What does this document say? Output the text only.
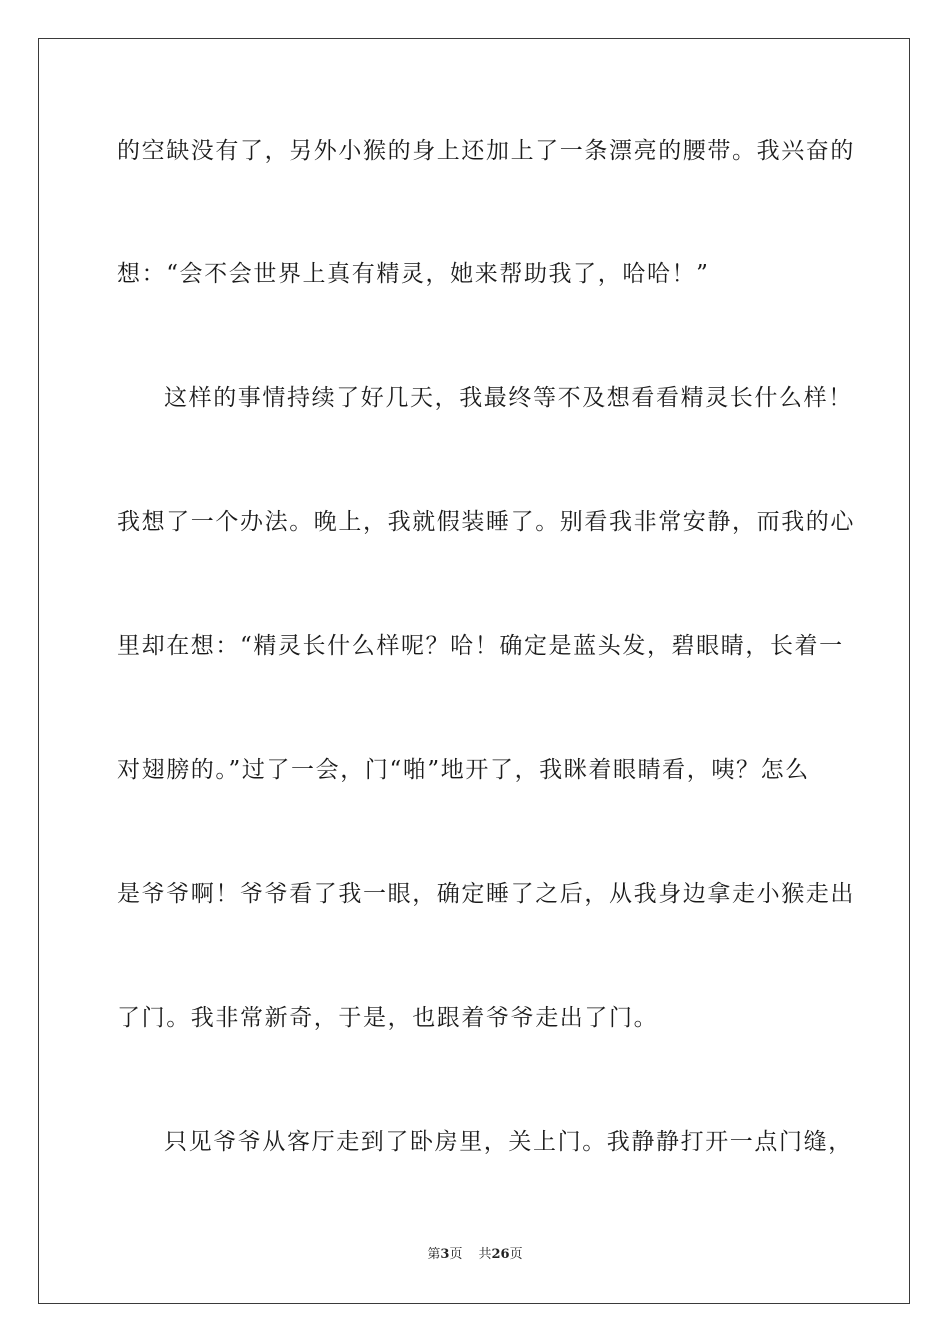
的空缺没有了，另外小猴的身上还加上了一条漂亮的腰带。我兴奋的
想：“会不会世界上真有精灵，她来帮助我了，哈哈！”
这样的事情持续了好几天，我最终等不及想看看精灵长什么样！
我想了一个办法。晚上，我就假装睡了。别看我非常安静，而我的心
里却在想：“精灵长什么样呢？哈！确定是蓝头发，碧眼睛，长着一
对翅膀的。”过了一会，门“啪”地开了，我眯着眼睛看，咦？怎么
是爷爷啊！爷爷看了我一眼，确定睡了之后，从我身边拿走小猴走出
了门。我非常新奇，于是，也跟着爷爷走出了门。
只见爷爷从客厅走到了卧房里，关上门。我静静打开一点门缝，
第3页 共26页
